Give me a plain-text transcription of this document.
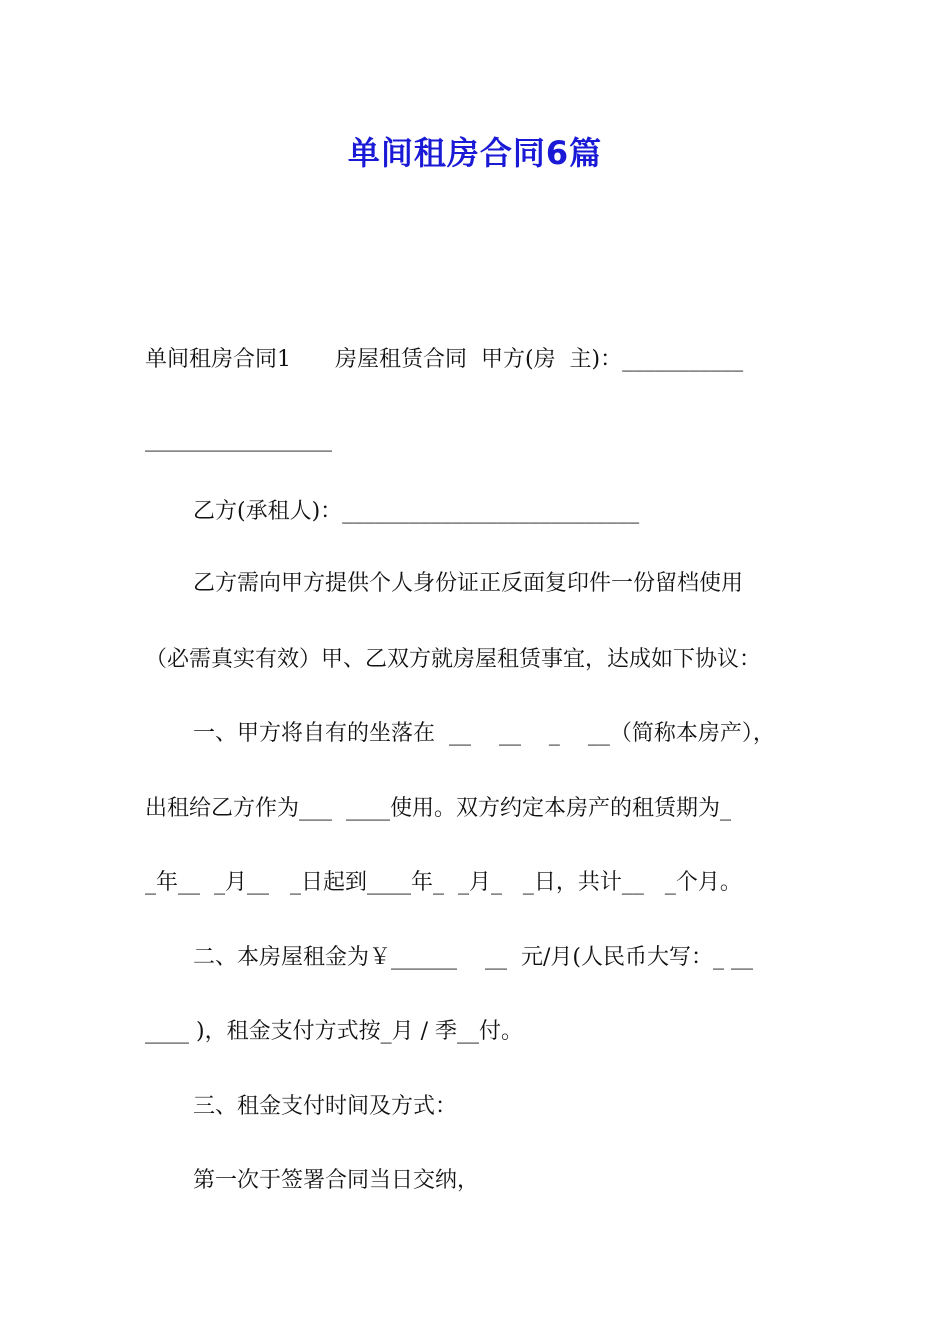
单间租房合同6篇
单间租房合同1　　房屋租赁合同  甲方(房  主)：___________
_________________
乙方(承租人)：___________________________
乙方需向甲方提供个人身份证正反面复印件一份留档使用
（必需真实有效）甲、乙双方就房屋租赁事宜，达成如下协议：
一、甲方将自有的坐落在  __    __    _    __（简称本房产），
出租给乙方作为___  ____使用。双方约定本房产的租赁期为_
_年__  _月__   _日起到____年_  _月_   _日，共计__   _个月。
二、本房屋租金为￥______    __  元/月(人民币大写：_ __
____ )，租金支付方式按_月 / 季__付。
三、租金支付时间及方式：
第一次于签署合同当日交纳，
